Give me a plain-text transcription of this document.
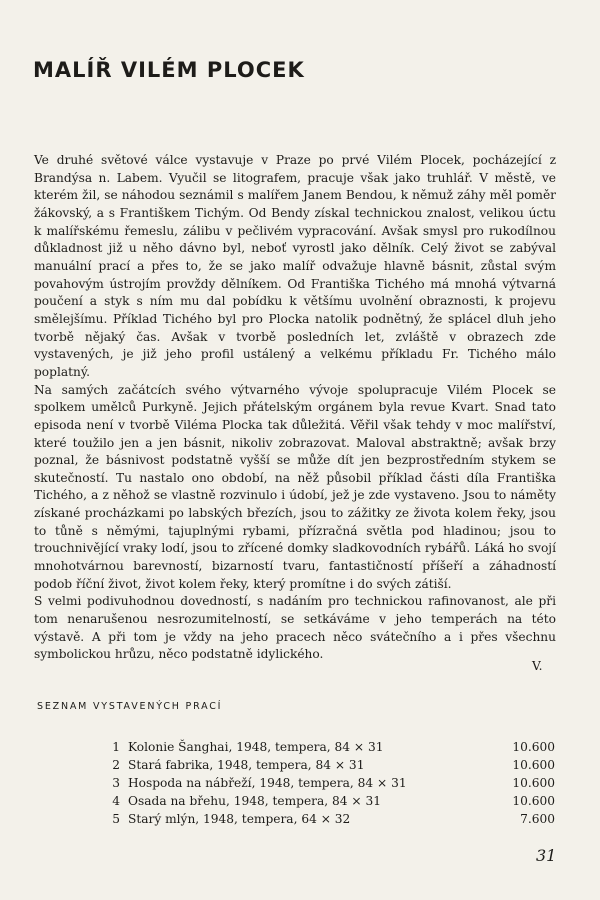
MALÍŘ VILÉM PLOCEK

Ve druhé světové válce vystavuje v Praze po prvé Vilém Plocek, pocházející z Brandýsa n. Labem. Vyučil se litografem, pracuje však jako truhlář. V městě, ve kterém žil, se náhodou seznámil s malířem Janem Bendou, k němuž záhy měl poměr žákovský, a s Františkem Tichým. Od Bendy získal technickou znalost, velikou úctu k malířskému řemeslu, zálibu v pečlivém vypracování. Avšak smysl pro rukodílnou důkladnost již u něho dávno byl, neboť vyrostl jako dělník. Celý život se zabýval manuální prací a přes to, že se jako malíř odvažuje hlavně básnit, zůstal svým povahovým ústrojím provždy dělníkem. Od Františka Tichého má mnohá výtvarná poučení a styk s ním mu dal pobídku k většímu uvolnění obraznosti, k projevu smělejšímu. Příklad Tichého byl pro Plocka natolik podnětný, že splácel dluh jeho tvorbě nějaký čas. Avšak v tvorbě posledních let, zvláště v obrazech zde vystavených, je již jeho profil ustálený a velkému příkladu Fr. Tichého málo poplatný.

Na samých začátcích svého výtvarného vývoje spolupracuje Vilém Plocek se spolkem umělců Purkyně. Jejich přátelským orgánem byla revue Kvart. Snad tato episoda není v tvorbě Viléma Plocka tak důležitá. Věřil však tehdy v moc malířství, které toužilo jen a jen básnit, nikoliv zobrazovat. Maloval abstraktně; avšak brzy poznal, že básnivost podstatně vyšší se může dít jen bezprostředním stykem se skutečností. Tu nastalo ono období, na něž působil příklad části díla Františka Tichého, a z něhož se vlastně rozvinulo i údobí, jež je zde vystaveno. Jsou to náměty získané procházkami po labských březích, jsou to zážitky ze života kolem řeky, jsou to tůně s němými, tajuplnými rybami, přízračná světla pod hladinou; jsou to trouchnivějící vraky lodí, jsou to zřícené domky sladkovodních rybářů. Láká ho svojí mnohotvárnou barevností, bizarností tvaru, fantastičností příšeří a záhadností podob říční život, život kolem řeky, který promítne i do svých zátiší.

S velmi podivuhodnou dovedností, s nadáním pro technickou rafinovanost, ale při tom nenarušenou nesrozumitelností, se setkáváme v jeho temperách na této výstavě. A při tom je vždy na jeho pracech něco svátečního a i přes všechnu symbolickou hrůzu, něco podstatně idylického.

V.
SEZNAM VYSTAVENÝCH PRACÍ
1 Kolonie Šanghai, 1948, tempera, 84 × 31	10.600
2 Stará fabrika, 1948, tempera, 84 × 31	10.600
3 Hospoda na nábřeží, 1948, tempera, 84 × 31	10.600
4 Osada na břehu, 1948, tempera, 84 × 31	10.600
5 Starý mlýn, 1948, tempera, 64 × 32	7.600
31
